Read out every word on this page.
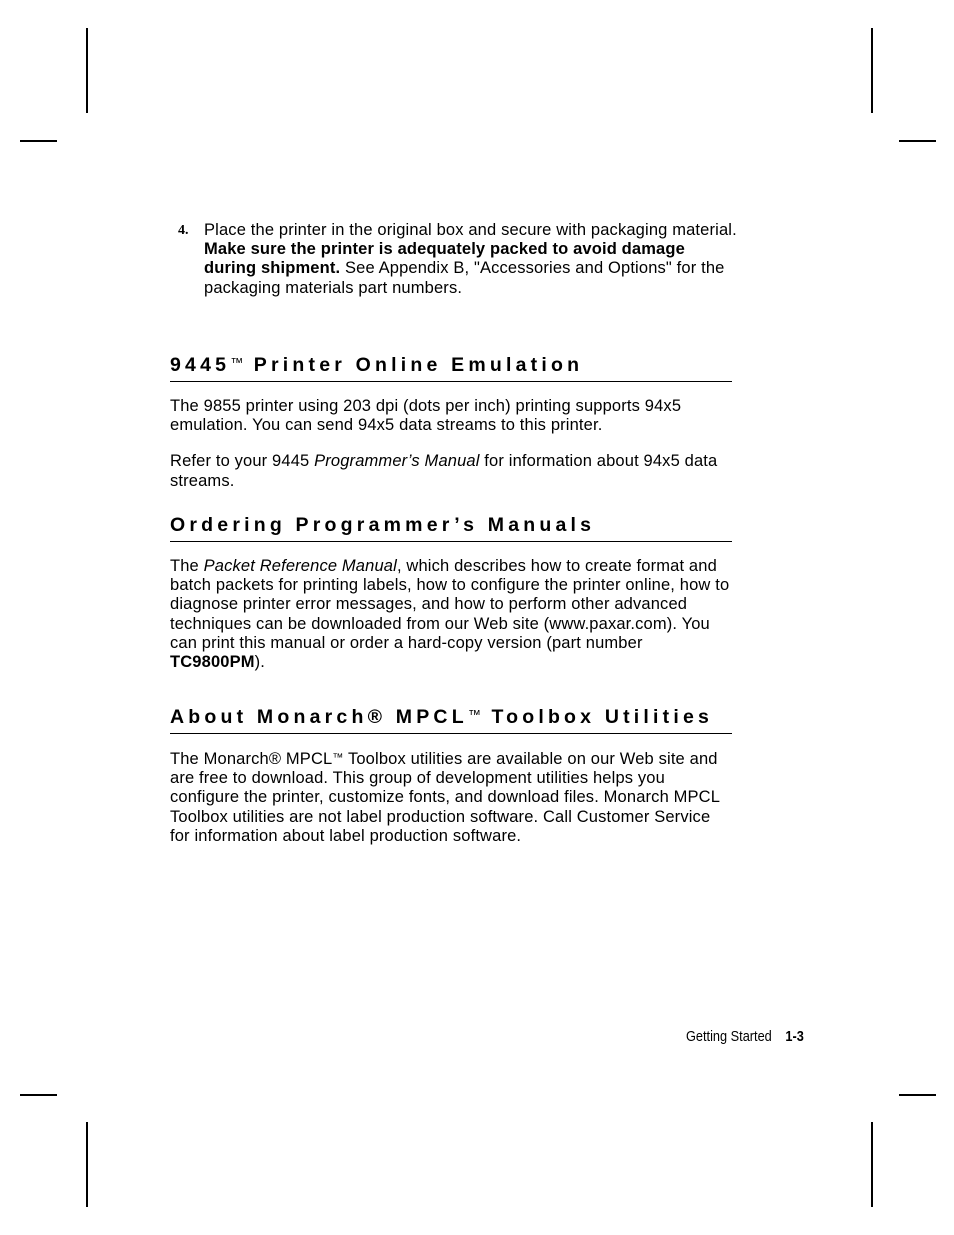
4. Place the printer in the original box and secure with packaging material. Make sure the printer is adequately packed to avoid damage during shipment. See Appendix B, "Accessories and Options" for the packaging materials part numbers.
9445™ Printer Online Emulation

The 9855 printer using 203 dpi (dots per inch) printing supports 94x5 emulation. You can send 94x5 data streams to this printer.

Refer to your 9445 Programmer’s Manual for information about 94x5 data streams.

Ordering Programmer’s Manuals

The Packet Reference Manual, which describes how to create format and batch packets for printing labels, how to configure the printer online, how to diagnose printer error messages, and how to perform other advanced techniques can be downloaded from our Web site (www.paxar.com). You can print this manual or order a hard-copy version (part number TC9800PM).

About Monarch® MPCL™ Toolbox Utilities

The Monarch® MPCL™ Toolbox utilities are available on our Web site and are free to download. This group of development utilities helps you configure the printer, customize fonts, and download files. Monarch MPCL Toolbox utilities are not label production software. Call Customer Service for information about label production software.

Getting Started 1-3
